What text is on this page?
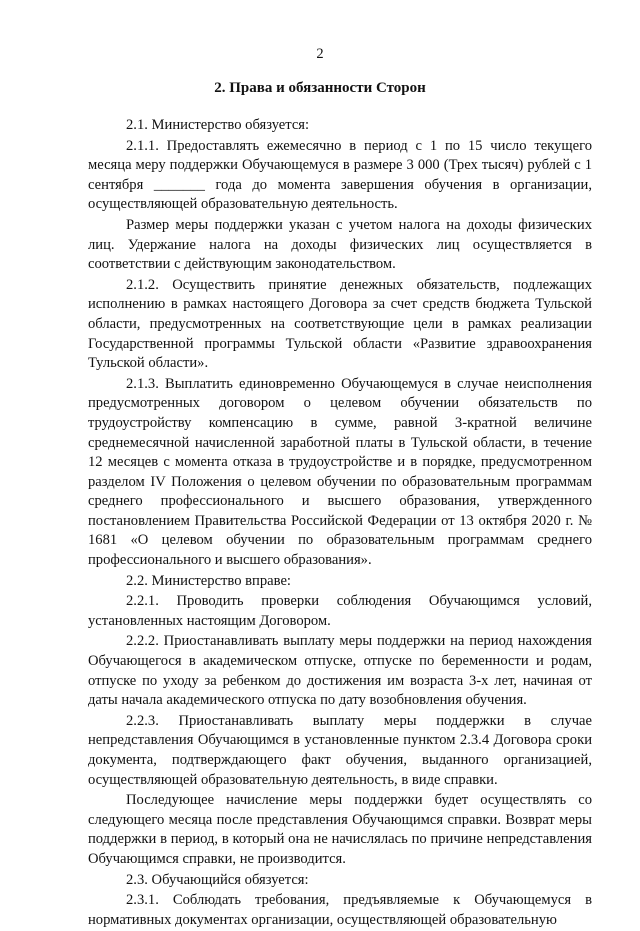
2
2. Права и обязанности Сторон

2.1. Министерство обязуется:

2.1.1. Предоставлять ежемесячно в период с 1 по 15 число текущего месяца меру поддержки Обучающемуся в размере 3 000 (Трех тысяч) рублей с 1 сентября _______ года до момента завершения обучения в организации, осуществляющей образовательную деятельность.

Размер меры поддержки указан с учетом налога на доходы физических лиц. Удержание налога на доходы физических лиц осуществляется в соответствии с действующим законодательством.

2.1.2. Осуществить принятие денежных обязательств, подлежащих исполнению в рамках настоящего Договора за счет средств бюджета Тульской области, предусмотренных на соответствующие цели в рамках реализации Государственной программы Тульской области «Развитие здравоохранения Тульской области».

2.1.3. Выплатить единовременно Обучающемуся в случае неисполнения предусмотренных договором о целевом обучении обязательств по трудоустройству компенсацию в сумме, равной 3-кратной величине среднемесячной начисленной заработной платы в Тульской области, в течение 12 месяцев с момента отказа в трудоустройстве и в порядке, предусмотренном разделом IV Положения о целевом обучении по образовательным программам среднего профессионального и высшего образования, утвержденного постановлением Правительства Российской Федерации от 13 октября 2020 г. № 1681 «О целевом обучении по образовательным программам среднего профессионального и высшего образования».

2.2. Министерство вправе:

2.2.1. Проводить проверки соблюдения Обучающимся условий, установленных настоящим Договором.

2.2.2. Приостанавливать выплату меры поддержки на период нахождения Обучающегося в академическом отпуске, отпуске по беременности и родам, отпуске по уходу за ребенком до достижения им возраста 3-х лет, начиная от даты начала академического отпуска по дату возобновления обучения.

2.2.3. Приостанавливать выплату меры поддержки в случае непредставления Обучающимся в установленные пунктом 2.3.4 Договора сроки документа, подтверждающего факт обучения, выданного организацией, осуществляющей образовательную деятельность, в виде справки.

Последующее начисление меры поддержки будет осуществлять со следующего месяца после представления Обучающимся справки. Возврат меры поддержки в период, в который она не начислялась по причине непредставления Обучающимся справки, не производится.

2.3. Обучающийся обязуется:

2.3.1. Соблюдать требования, предъявляемые к Обучающемуся в нормативных документах организации, осуществляющей образовательную
